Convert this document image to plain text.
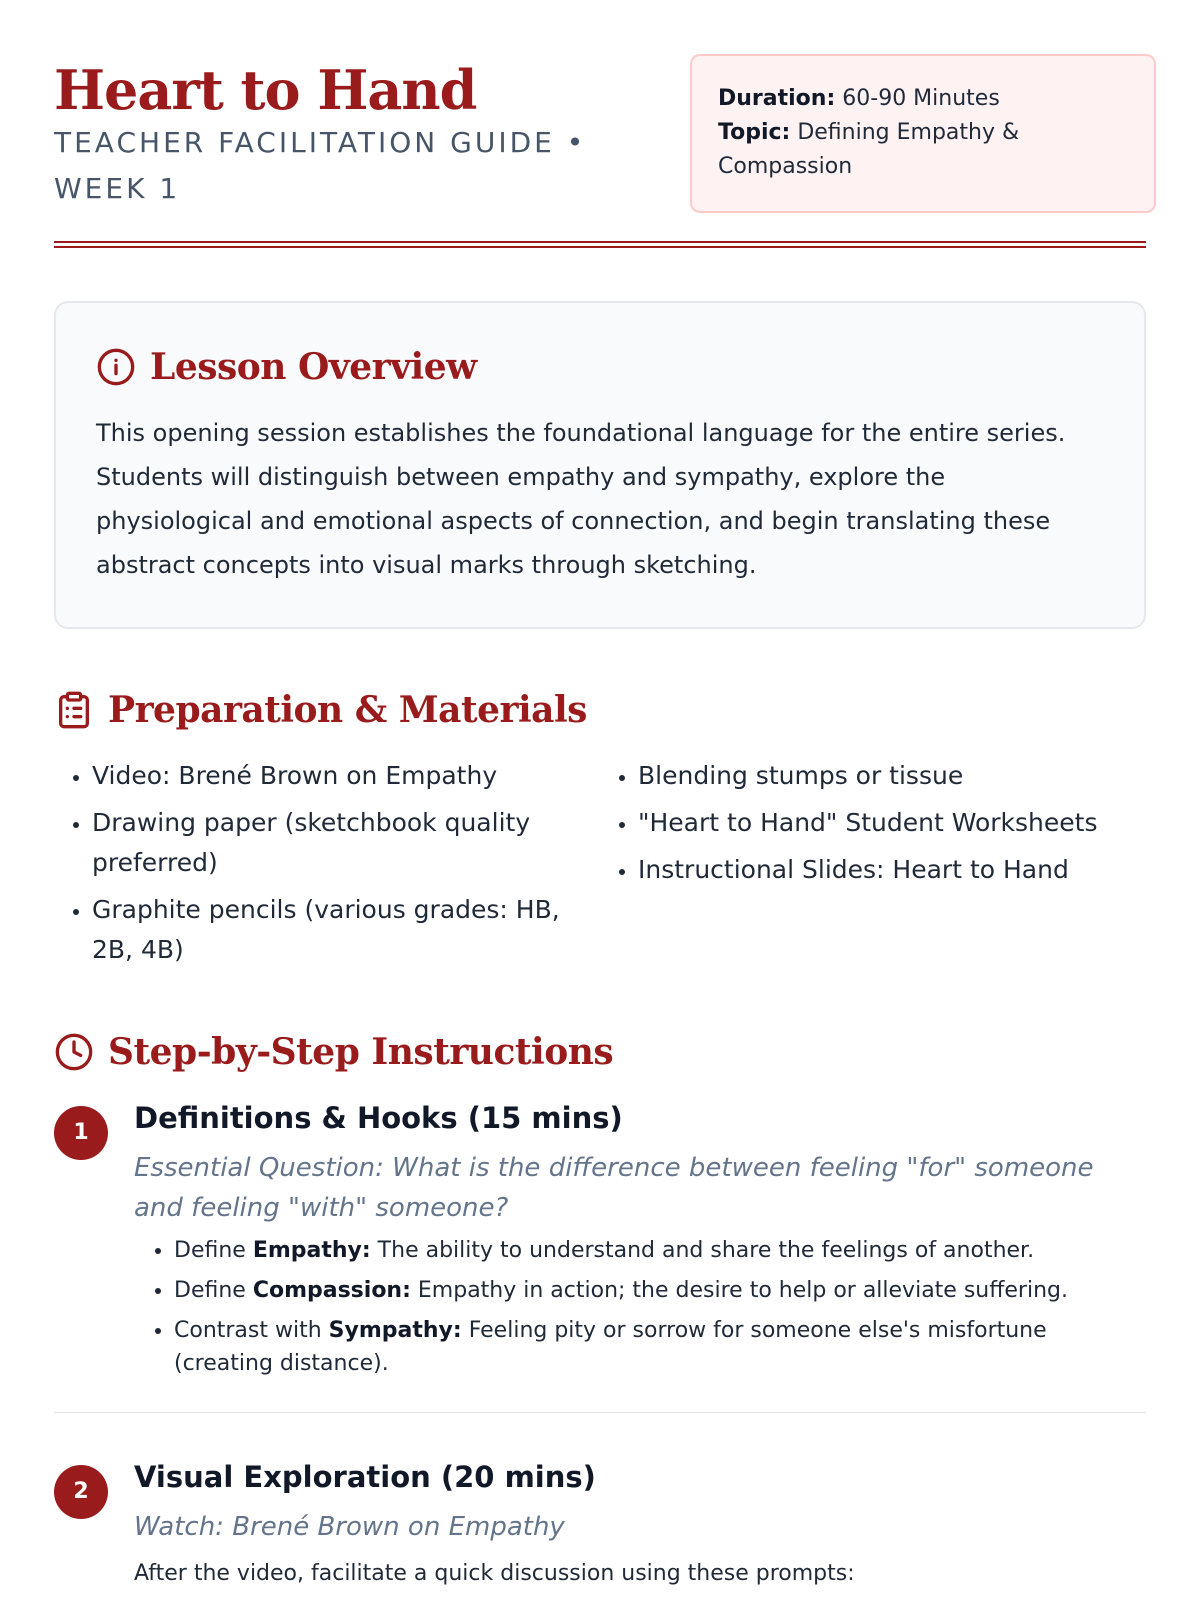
Heart to Hand
TEACHER FACILITATION GUIDE • WEEK 1
Duration: 60-90 Minutes
Topic: Defining Empathy & Compassion
Lesson Overview

This opening session establishes the foundational language for the entire series. Students will distinguish between empathy and sympathy, explore the physiological and emotional aspects of connection, and begin translating these abstract concepts into visual marks through sketching.

Preparation & Materials
• Video: Brené Brown on Empathy
• Drawing paper (sketchbook quality preferred)
• Graphite pencils (various grades: HB, 2B, 4B)
• Blending stumps or tissue
• "Heart to Hand" Student Worksheets
• Instructional Slides: Heart to Hand
Step-by-Step Instructions
1	Definitions & Hooks (15 mins)

Essential Question: What is the difference between feeling "for" someone and feeling "with" someone?

• Define Empathy: The ability to understand and share the feelings of another.
• Define Compassion: Empathy in action; the desire to help or alleviate suffering.
• Contrast with Sympathy: Feeling pity or sorrow for someone else's misfortune (creating distance).
2	Visual Exploration (20 mins)

Watch: Brené Brown on Empathy

After the video, facilitate a quick discussion using these prompts:
